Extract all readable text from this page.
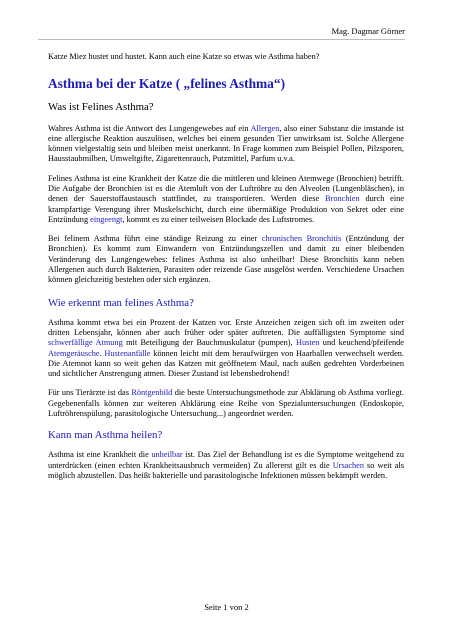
Mag. Dagmar Görner

Katze Miez hustet und hustet. Kann auch eine Katze so etwas wie Asthma haben?

Asthma bei der Katze ( „felines Asthma“)
Was ist Felines Asthma?

Wahres Asthma ist die Antwort des Lungengewebes auf ein Allergen, also einer Substanz die imstande ist eine allergische Reaktion auszulösen, welches bei einem gesunden Tier unwirksam ist. Solche Allergene können vielgestaltig sein und bleiben meist unerkannt. In Frage kommen zum Beispiel Pollen, Pilzsporen, Hausstaubmilben, Umweltgifte, Zigarettenrauch, Putzmittel, Parfum u.v.a.

Felines Asthma ist eine Krankheit der Katze die die mittleren und kleinen Atemwege (Bronchien) betrifft. Die Aufgabe der Bronchien ist es die Atemluft von der Luftröhre zu den Alveolen (Lungenbläschen), in denen der Sauerstoffaustausch stattfindet, zu transportieren. Werden diese Bronchien durch eine krampfartige Verengung ihrer Muskelschicht, durch eine übermäßige Produktion von Sekret oder eine Entzündung eingeengt, kommt es zu einer teilweisen Blockade des Luftstromes.

Bei felinem Asthma führt eine ständige Reizung zu einer chronischen Bronchitis (Entzündung der Bronchien). Es kommt zum Einwandern von Entzündungszellen und damit zu einer bleibenden Veränderung des Lungengewebes: felines Asthma ist also unheilbar! Diese Bronchitis kann neben Allergenen auch durch Bakterien, Parasiten oder reizende Gase ausgelöst werden. Verschiedene Ursachen können gleichzeitig bestehen oder sich ergänzen.

Wie erkennt man felines Asthma?

Asthma kommt etwa bei ein Prozent der Katzen vor. Erste Anzeichen zeigen sich oft im zweiten oder dritten Lebensjahr, können aber auch früher oder später auftreten. Die auffälligsten Symptome sind schwerfällige Atmung mit Beteiligung der Bauchmuskulatur (pumpen), Husten und keuchend/pfeifende Atemgeräusche. Hustenanfälle können leicht mit dem heraufwürgen von Haarballen verwechselt werden. Die Atemnot kann so weit gehen das Katzen mit geöffnetem Maul, nach außen gedrehten Vorderbeinen und sichtlicher Anstrengung atmen. Dieser Zustand ist lebensbedrohend!

Für uns Tierärzte ist das Röntgenbild die beste Untersuchungsmethode zur Abklärung ob Asthma vorliegt. Gegebenenfalls können zur weiteren Abklärung eine Reihe von Spezialuntersuchungen (Endoskopie, Luftröhrenspülung, parasitologische Untersuchung...) angeordnet werden.

Kann man Asthma heilen?

Asthma ist eine Krankheit die unheilbar ist. Das Ziel der Behandlung ist es die Symptome weitgehend zu unterdrücken (einen echten Krankheitsausbruch vermeiden) Zu allererst gilt es die Ursachen so weit als möglich abzustellen. Das heißt bakterielle und parasitologische Infektionen müssen bekämpft werden.

Seite 1 von 2
